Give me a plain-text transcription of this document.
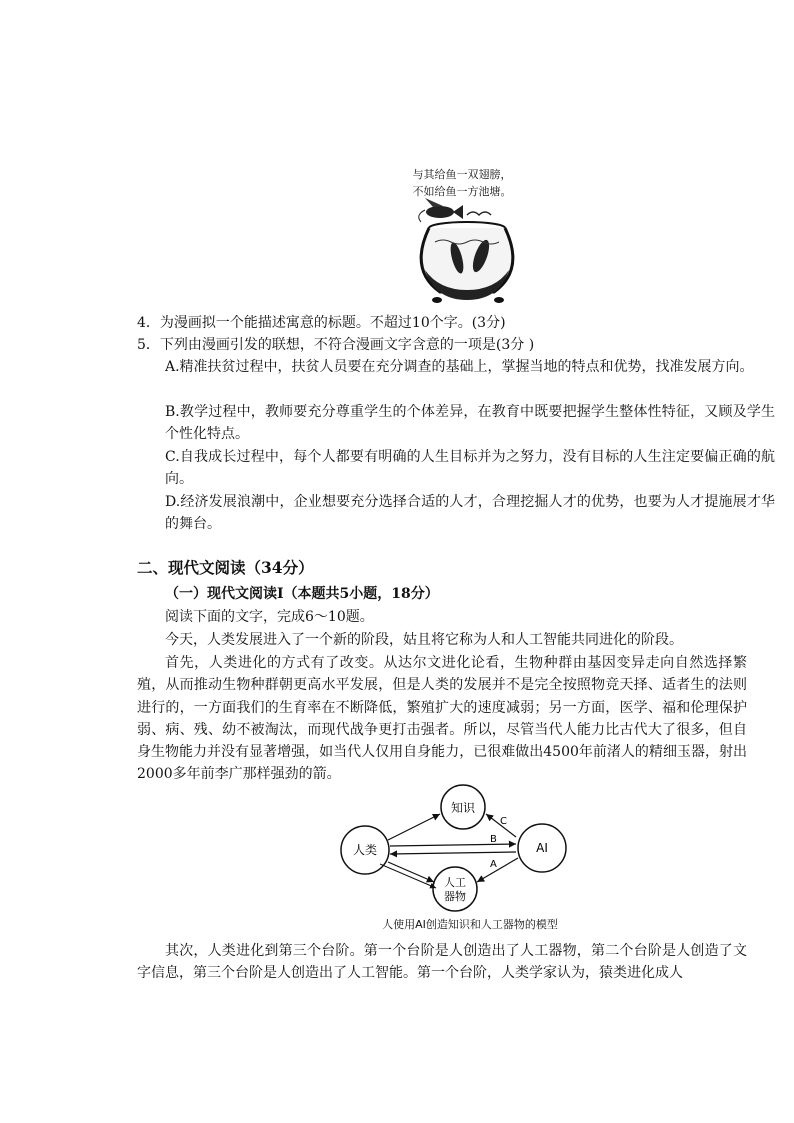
与其给鱼一双翅膀，
不如给鱼一方池塘。
4．为漫画拟一个能描述寓意的标题。不超过10个字。(3分)
5．下列由漫画引发的联想，不符合漫画文字含意的一项是(3分 )
A.精准扶贫过程中，扶贫人员要在充分调查的基础上，掌握当地的特点和优势，找准发展方向。
B.教学过程中，教师要充分尊重学生的个体差异，在教育中既要把握学生整体性特征，又顾及学生个性化特点。
C.自我成长过程中，每个人都要有明确的人生目标并为之努力，没有目标的人生注定要偏正确的航向。
D.经济发展浪潮中，企业想要充分选择合适的人才，合理挖掘人才的优势，也要为人才提施展才华的舞台。
二、现代文阅读（34分）
（一）现代文阅读Ⅰ（本题共5小题，18分）
阅读下面的文字，完成6～10题。
今天，人类发展进入了一个新的阶段，姑且将它称为人和人工智能共同进化的阶段。
首先，人类进化的方式有了改变。从达尔文进化论看，生物种群由基因变异走向自然选择繁殖，从而推动生物种群朝更高水平发展，但是人类的发展并不是完全按照物竞天择、适者生的法则进行的，一方面我们的生育率在不断降低，繁殖扩大的速度减弱；另一方面，医学、福和伦理保护弱、病、残、幼不被淘汰，而现代战争更打击强者。所以，尽管当代人能力比古代大了很多，但自身生物能力并没有显著增强，如当代人仅用自身能力，已很难做出4500年前渚人的精细玉器，射出2000多年前李广那样强劲的箭。
知识
人类	AI
人工
器物
C
B
A
人使用AI创造知识和人工器物的模型
其次，人类进化到第三个台阶。第一个台阶是人创造出了人工器物，第二个台阶是人创造了文字信息，第三个台阶是人创造出了人工智能。第一个台阶，人类学家认为，猿类进化成人
